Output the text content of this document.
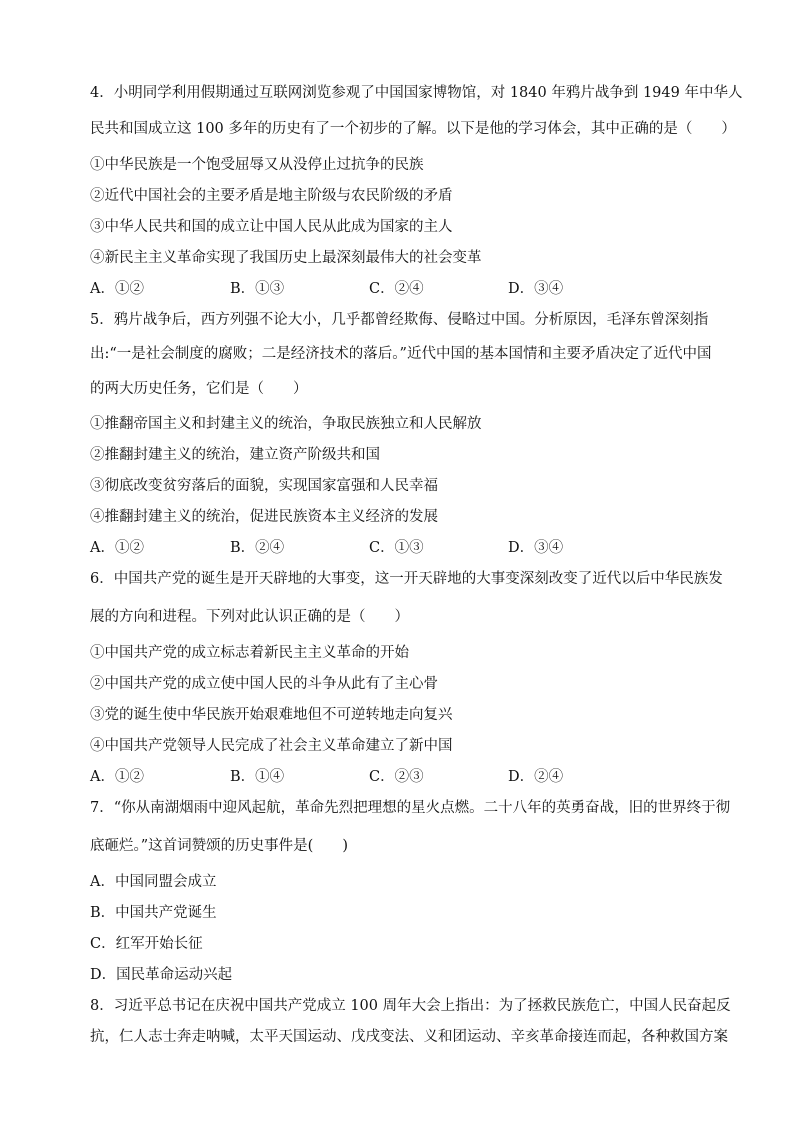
4．小明同学利用假期通过互联网浏览参观了中国国家博物馆，对 1840 年鸦片战争到 1949 年中华人
民共和国成立这 100 多年的历史有了一个初步的了解。以下是他的学习体会，其中正确的是（　　）
①中华民族是一个饱受屈辱又从没停止过抗争的民族
②近代中国社会的主要矛盾是地主阶级与农民阶级的矛盾
③中华人民共和国的成立让中国人民从此成为国家的主人
④新民主主义革命实现了我国历史上最深刻最伟大的社会变革
A．①②	B．①③	C．②④	D．③④
5．鸦片战争后，西方列强不论大小，几乎都曾经欺侮、侵略过中国。分析原因，毛泽东曾深刻指
出:“一是社会制度的腐败；二是经济技术的落后。”近代中国的基本国情和主要矛盾决定了近代中国
的两大历史任务，它们是（　　）
①推翻帝国主义和封建主义的统治，争取民族独立和人民解放
②推翻封建主义的统治，建立资产阶级共和国
③彻底改变贫穷落后的面貌，实现国家富强和人民幸福
④推翻封建主义的统治，促进民族资本主义经济的发展
A．①②	B．②④	C．①③	D．③④
6．中国共产党的诞生是开天辟地的大事变，这一开天辟地的大事变深刻改变了近代以后中华民族发
展的方向和进程。下列对此认识正确的是（　　）
①中国共产党的成立标志着新民主主义革命的开始
②中国共产党的成立使中国人民的斗争从此有了主心骨
③党的诞生使中华民族开始艰难地但不可逆转地走向复兴
④中国共产党领导人民完成了社会主义革命建立了新中国
A．①②	B．①④	C．②③	D．②④
7．“你从南湖烟雨中迎风起航，革命先烈把理想的星火点燃。二十八年的英勇奋战，旧的世界终于彻
底砸烂。”这首词赞颂的历史事件是(　　)
A．中国同盟会成立
B．中国共产党诞生
C．红军开始长征
D．国民革命运动兴起
8．习近平总书记在庆祝中国共产党成立 100 周年大会上指出：为了拯救民族危亡，中国人民奋起反
抗，仁人志士奔走呐喊，太平天国运动、戊戌变法、义和团运动、辛亥革命接连而起，各种救国方案
